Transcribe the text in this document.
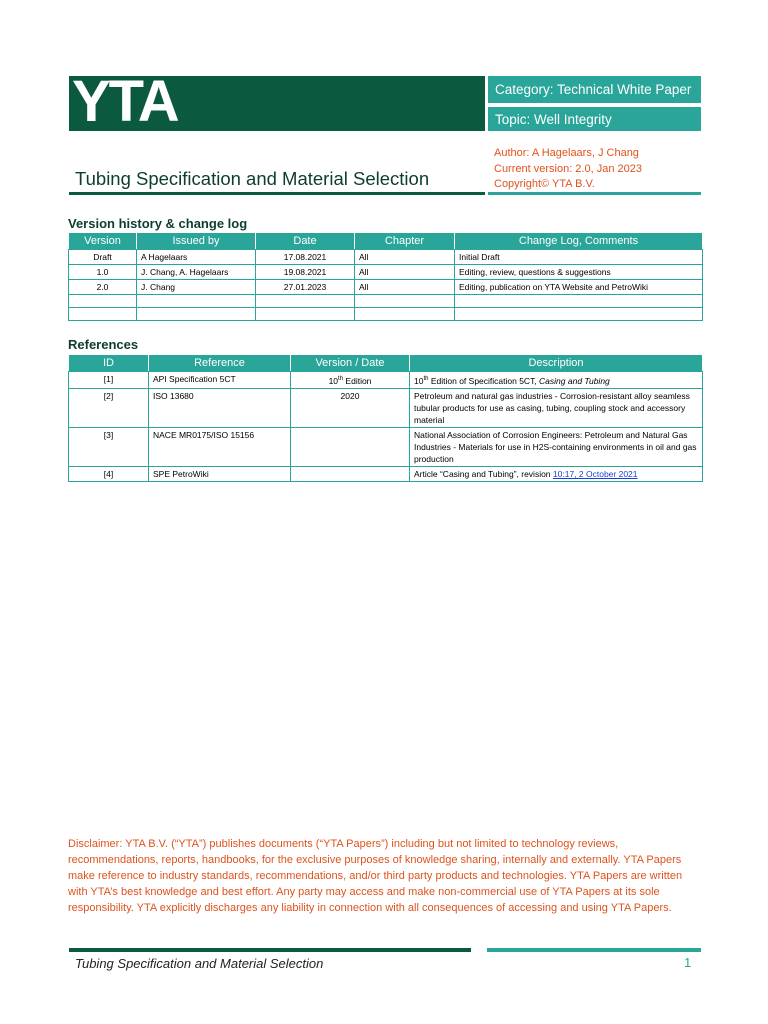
YTA	Category: Technical White Paper
Topic: Well Integrity
Author: A Hagelaars, J Chang
Current version: 2.0, Jan 2023
Copyright© YTA B.V.
Tubing Specification and Material Selection
Version history & change log
Version	Issued by	Date	Chapter	Change Log, Comments
Draft	A Hagelaars	17.08.2021	All	Initial Draft
1.0	J. Chang, A. Hagelaars	19.08.2021	All	Editing, review, questions & suggestions
2.0	J. Chang	27.01.2023	All	Editing, publication on YTA Website and PetroWiki

References
ID	Reference	Version / Date	Description
[1]	API Specification 5CT	10th Edition	10th Edition of Specification 5CT, Casing and Tubing
[2]	ISO 13680	2020	Petroleum and natural gas industries - Corrosion-resistant alloy seamless tubular products for use as casing, tubing, coupling stock and accessory material
[3]	NACE MR0175/ISO 15156		National Association of Corrosion Engineers: Petroleum and Natural Gas Industries - Materials for use in H2S-containing environments in oil and gas production
[4]	SPE PetroWiki		Article “Casing and Tubing”, revision 10:17, 2 October 2021
Disclaimer: YTA B.V. (“YTA”) publishes documents (“YTA Papers”) including but not limited to technology reviews, recommendations, reports, handbooks, for the exclusive purposes of knowledge sharing, internally and externally. YTA Papers make reference to industry standards, recommendations, and/or third party products and technologies. YTA Papers are written with YTA’s best knowledge and best effort. Any party may access and make non-commercial use of YTA Papers at its sole responsibility. YTA explicitly discharges any liability in connection with all consequences of accessing and using YTA Papers.
Tubing Specification and Material Selection	1
